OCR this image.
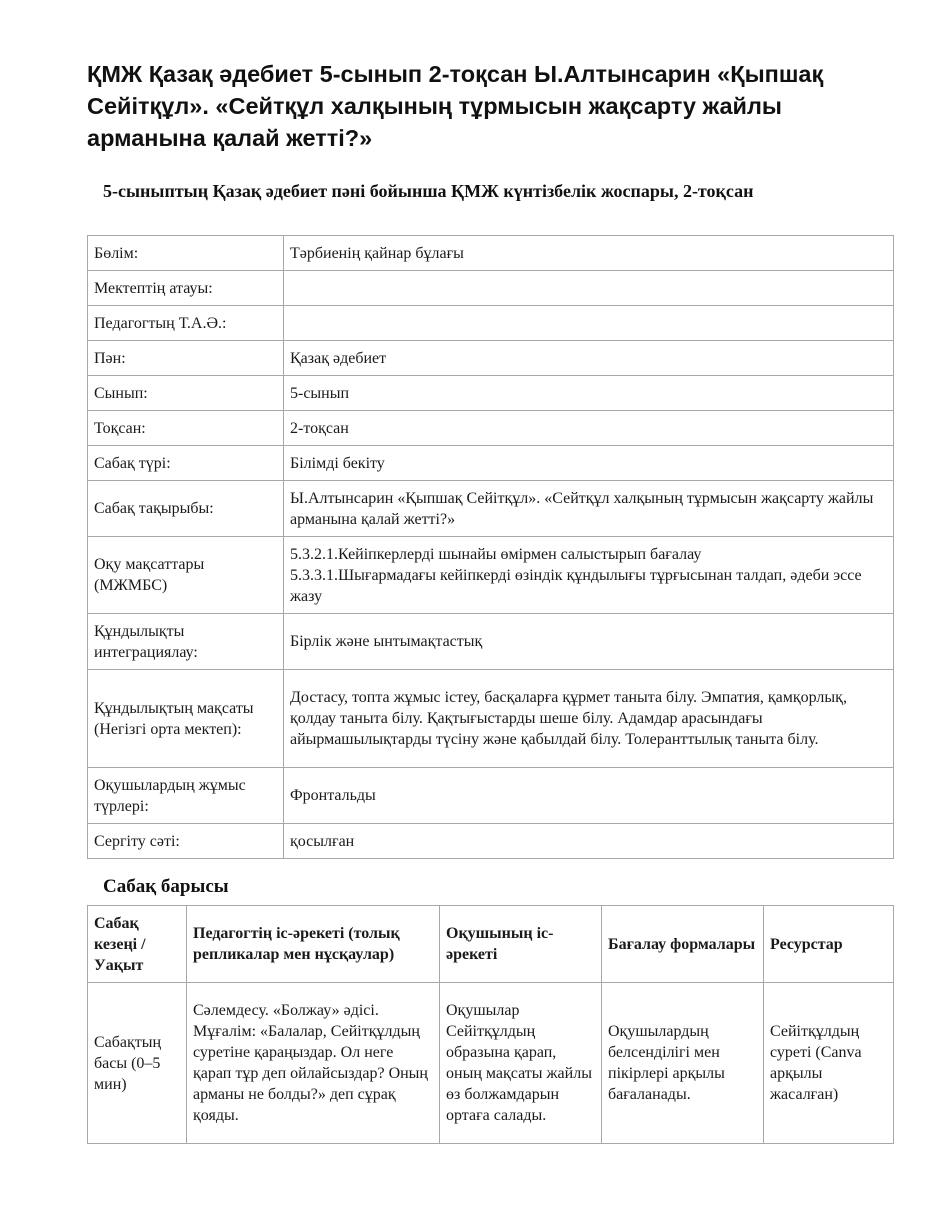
ҚМЖ Қазақ әдебиет 5-сынып 2-тоқсан Ы.Алтынсарин «Қыпшақ Сейітқұл». «Сейтқұл халқының тұрмысын жақсарту жайлы арманына қалай жетті?»
5-сыныптың Қазақ әдебиет пәні бойынша ҚМЖ күнтізбелік жоспары, 2-тоқсан
Бөлім:	Тәрбиенің қайнар бұлағы
Мектептің атауы:	
Педагогтың Т.А.Ә.:	
Пән:	Қазақ әдебиет
Сынып:	5-сынып
Тоқсан:	2-тоқсан
Сабақ түрі:	Білімді бекіту
Сабақ тақырыбы:	Ы.Алтынсарин «Қыпшақ Сейітқұл». «Сейтқұл халқының тұрмысын жақсарту жайлы арманына қалай жетті?»
Оқу мақсаттары (МЖМБС)	5.3.2.1.Кейіпкерлерді шынайы өмірмен салыстырып бағалау
5.3.3.1.Шығармадағы кейіпкерді өзіндік құндылығы тұрғысынан талдап, әдеби эссе жазу

Құндылықты интеграциялау:	Бірлік және ынтымақтастық
Құндылықтың мақсаты (Негізгі орта мектеп):	Достасу, топта жұмыс істеу, басқаларға құрмет таныта білу. Эмпатия, қамқорлық, қолдау таныта білу. Қақтығыстарды шеше білу. Адамдар арасындағы айырмашылықтарды түсіну және қабылдай білу. Толеранттылық таныта білу.
Оқушылардың жұмыс түрлері:	Фронтальды
Сергіту сәті:	қосылған
Сабақ барысы
Сабақ кезеңі / Уақыт	Педагогтің іс-әрекеті (толық репликалар мен нұсқаулар)	Оқушының іс-әрекеті	Бағалау формалары	Ресурстар
Сабақтың басы (0–5 мин)	Сәлемдесу. «Болжау» әдісі. Мұғалім: «Балалар, Сейітқұлдың суретіне қараңыздар. Ол неге қарап тұр деп ойлайсыздар? Оның арманы не болды?» деп сұрақ қояды.	Оқушылар Сейітқұлдың образына қарап, оның мақсаты жайлы өз болжамдарын ортаға салады.	Оқушылардың белсенділігі мен пікірлері арқылы бағаланады.	Сейітқұлдың суреті (Canva арқылы жасалған)
